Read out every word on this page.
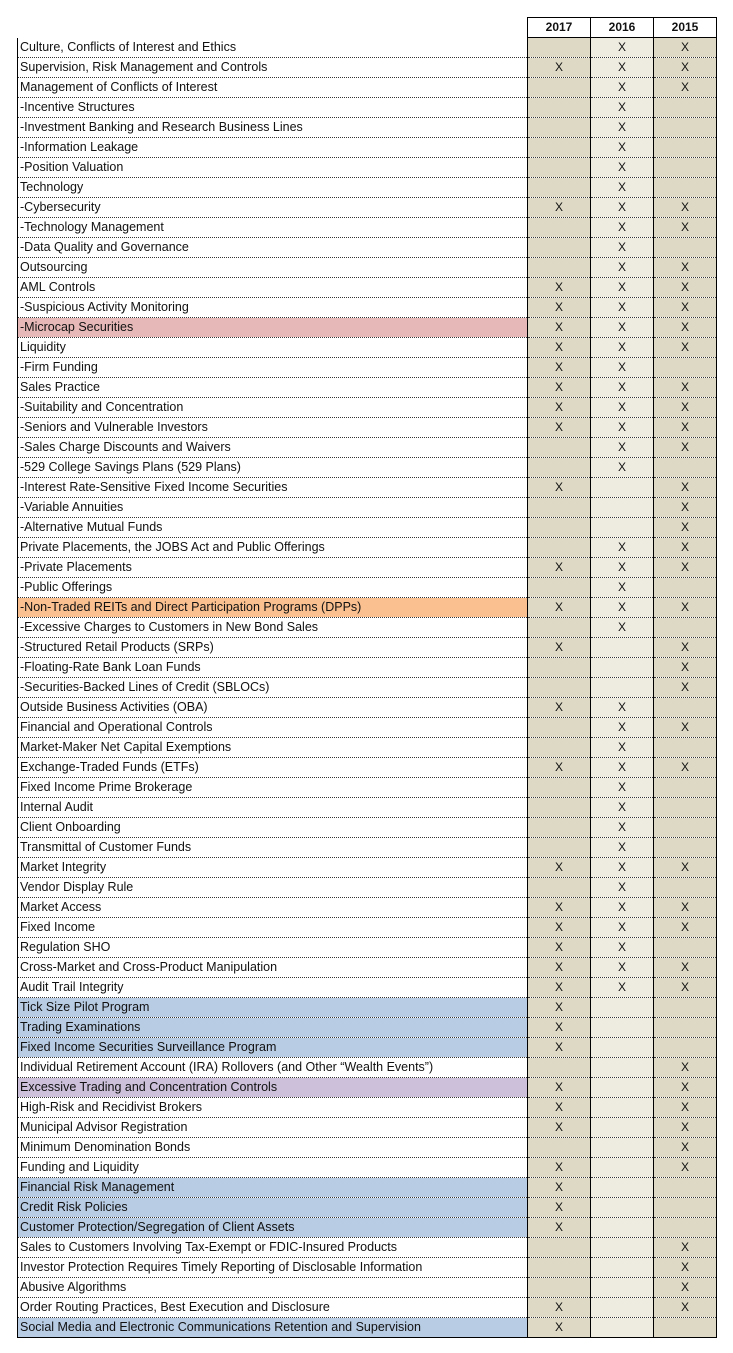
	2017	2016	2015
Culture, Conflicts of Interest and Ethics		X	X
Supervision, Risk Management and Controls	X	X	X
Management of Conflicts of Interest		X	X
-Incentive Structures		X	
-Investment Banking and Research Business Lines		X	
-Information Leakage		X	
-Position Valuation		X	
Technology		X	
-Cybersecurity	X	X	X
-Technology Management		X	X
-Data Quality and Governance		X	
Outsourcing		X	X
AML Controls	X	X	X
-Suspicious Activity Monitoring	X	X	X
-Microcap Securities	X	X	X
Liquidity	X	X	X
-Firm Funding	X	X	
Sales Practice	X	X	X
-Suitability and Concentration	X	X	X
-Seniors and Vulnerable Investors	X	X	X
-Sales Charge Discounts and Waivers		X	X
-529 College Savings Plans (529 Plans)		X	
-Interest Rate-Sensitive Fixed Income Securities	X		X
-Variable Annuities			X
-Alternative Mutual Funds			X
Private Placements, the JOBS Act and Public Offerings		X	X
-Private Placements	X	X	X
-Public Offerings		X	
-Non-Traded REITs and Direct Participation Programs (DPPs)	X	X	X
-Excessive Charges to Customers in New Bond Sales		X	
-Structured Retail Products (SRPs)	X		X
-Floating-Rate Bank Loan Funds			X
-Securities-Backed Lines of Credit (SBLOCs)			X
Outside Business Activities (OBA)	X	X	
Financial and Operational Controls		X	X
Market-Maker Net Capital Exemptions		X	
Exchange-Traded Funds (ETFs)	X	X	X
Fixed Income Prime Brokerage		X	
Internal Audit		X	
Client Onboarding		X	
Transmittal of Customer Funds		X	
Market Integrity	X	X	X
Vendor Display Rule		X	
Market Access	X	X	X
Fixed Income	X	X	X
Regulation SHO	X	X	
Cross-Market and Cross-Product Manipulation	X	X	X
Audit Trail Integrity	X	X	X
Tick Size Pilot Program	X		
Trading Examinations	X		
Fixed Income Securities Surveillance Program	X		
Individual Retirement Account (IRA) Rollovers (and Other “Wealth Events”)			X
Excessive Trading and Concentration Controls	X		X
High-Risk and Recidivist Brokers	X		X
Municipal Advisor Registration	X		X
Minimum Denomination Bonds			X
Funding and Liquidity	X		X
Financial Risk Management	X		
Credit Risk Policies	X		
Customer Protection/Segregation of Client Assets	X		
Sales to Customers Involving Tax-Exempt or FDIC-Insured Products			X
Investor Protection Requires Timely Reporting of Disclosable Information			X
Abusive Algorithms			X
Order Routing Practices, Best Execution and Disclosure	X		X
Social Media and Electronic Communications Retention and Supervision	X		
